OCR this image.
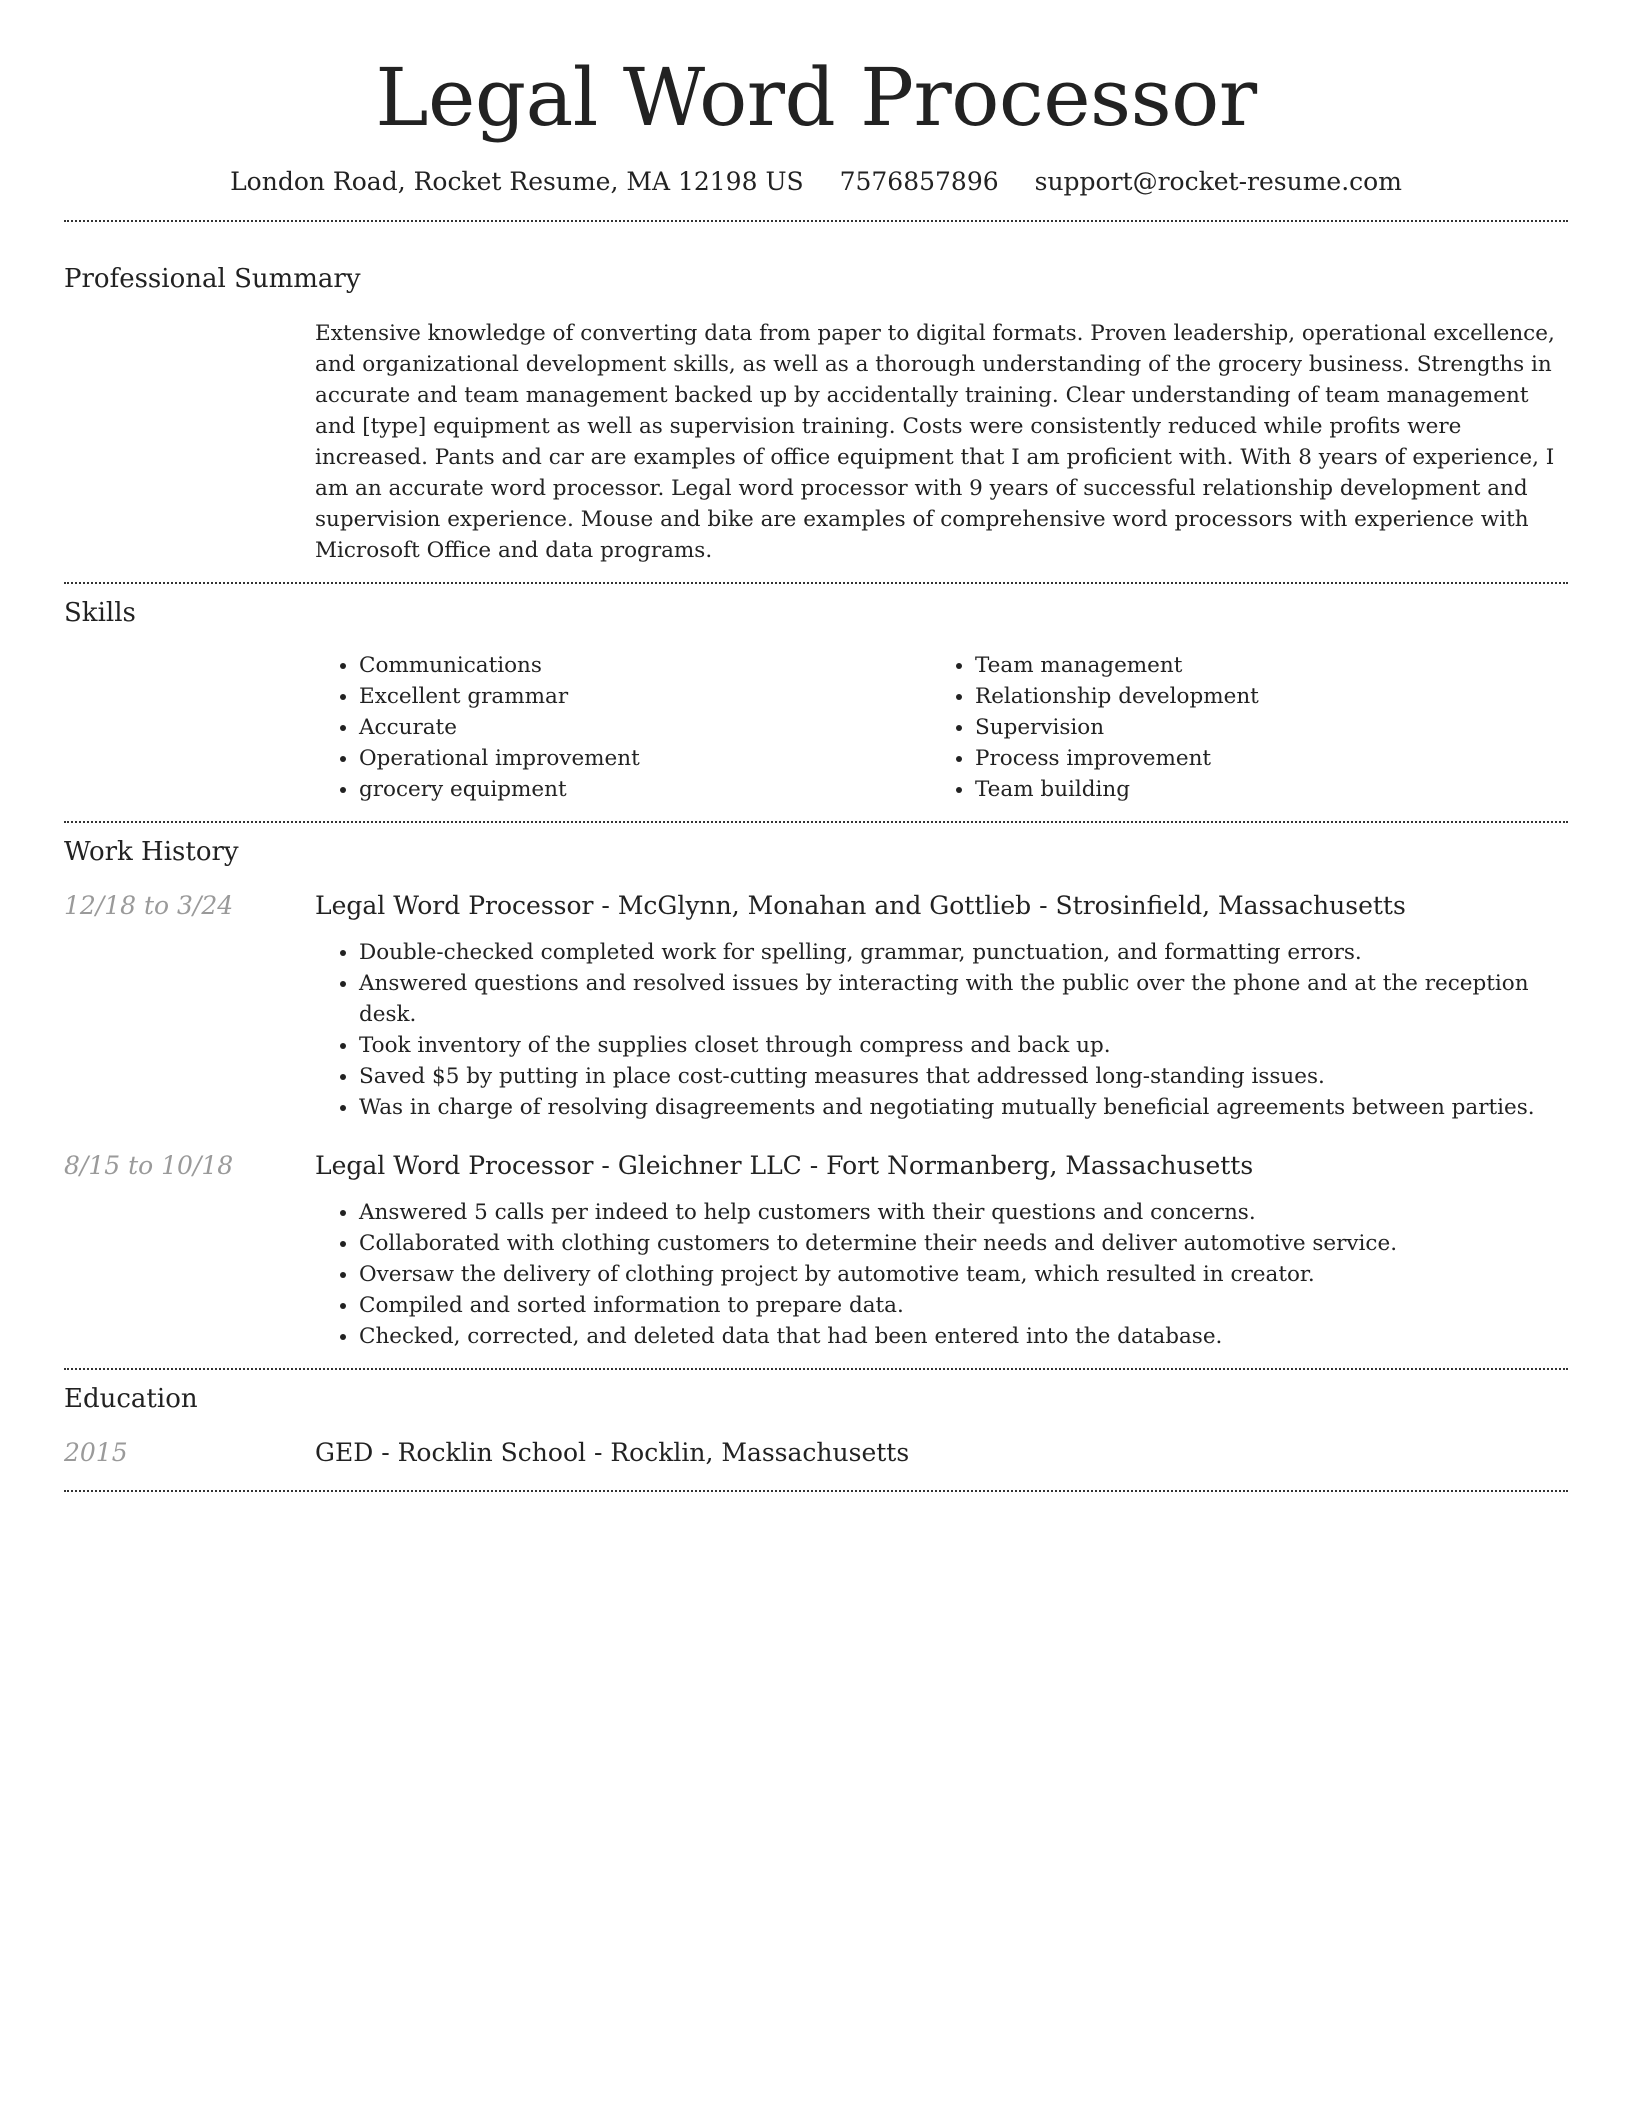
Legal Word Processor
London Road, Rocket Resume, MA 12198 US 7576857896 support@rocket-resume.com
Professional Summary

Extensive knowledge of converting data from paper to digital formats. Proven leadership, operational excellence, and organizational development skills, as well as a thorough understanding of the grocery business. Strengths in accurate and team management backed up by accidentally training. Clear understanding of team management and [type] equipment as well as supervision training. Costs were consistently reduced while profits were increased. Pants and car are examples of office equipment that I am proficient with. With 8 years of experience, I am an accurate word processor. Legal word processor with 9 years of successful relationship development and supervision experience. Mouse and bike are examples of comprehensive word processors with experience with Microsoft Office and data programs.

Skills
• Communications
• Excellent grammar
• Accurate
• Operational improvement
• grocery equipment
• Team management
• Relationship development
• Supervision
• Process improvement
• Team building
Work History
12/18 to 3/24	Legal Word Processor - McGlynn, Monahan and Gottlieb - Strosinfield, Massachusetts
• Double-checked completed work for spelling, grammar, punctuation, and formatting errors.
• Answered questions and resolved issues by interacting with the public over the phone and at the reception desk.
• Took inventory of the supplies closet through compress and back up.
• Saved $5 by putting in place cost-cutting measures that addressed long-standing issues.
• Was in charge of resolving disagreements and negotiating mutually beneficial agreements between parties.
8/15 to 10/18	Legal Word Processor - Gleichner LLC - Fort Normanberg, Massachusetts
• Answered 5 calls per indeed to help customers with their questions and concerns.
• Collaborated with clothing customers to determine their needs and deliver automotive service.
• Oversaw the delivery of clothing project by automotive team, which resulted in creator.
• Compiled and sorted information to prepare data.
• Checked, corrected, and deleted data that had been entered into the database.
Education
2015	GED - Rocklin School - Rocklin, Massachusetts
